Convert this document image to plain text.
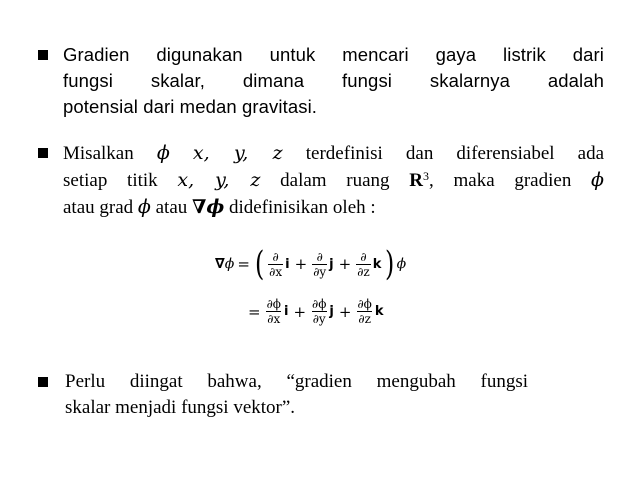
Gradien digunakan untuk mencari gaya listrik dari
fungsi skalar, dimana fungsi skalarnya adalah
potensial dari medan gravitasi.
Misalkan ϕ x, y, z terdefinisi dan diferensiabel ada
setiap titik x, y, z dalam ruang $R^3$, maka gradien ϕ
atau grad ϕ atau ∇ϕ didefinisikan oleh :
∇ ϕ = ( $\frac{\partial}{\partial x}$ $i + \frac{\partial}{\partial y}$ $j + \frac{\partial}{\partial z}$ k ) ϕ
= $\frac{\partial\phi}{\partial x}$ $i + \frac{\partial\phi}{\partial y}$ $j + \frac{\partial\phi}{\partial z}$ k
Perlu diingat bahwa, “gradien mengubah fungsi
skalar menjadi fungsi vektor”.
